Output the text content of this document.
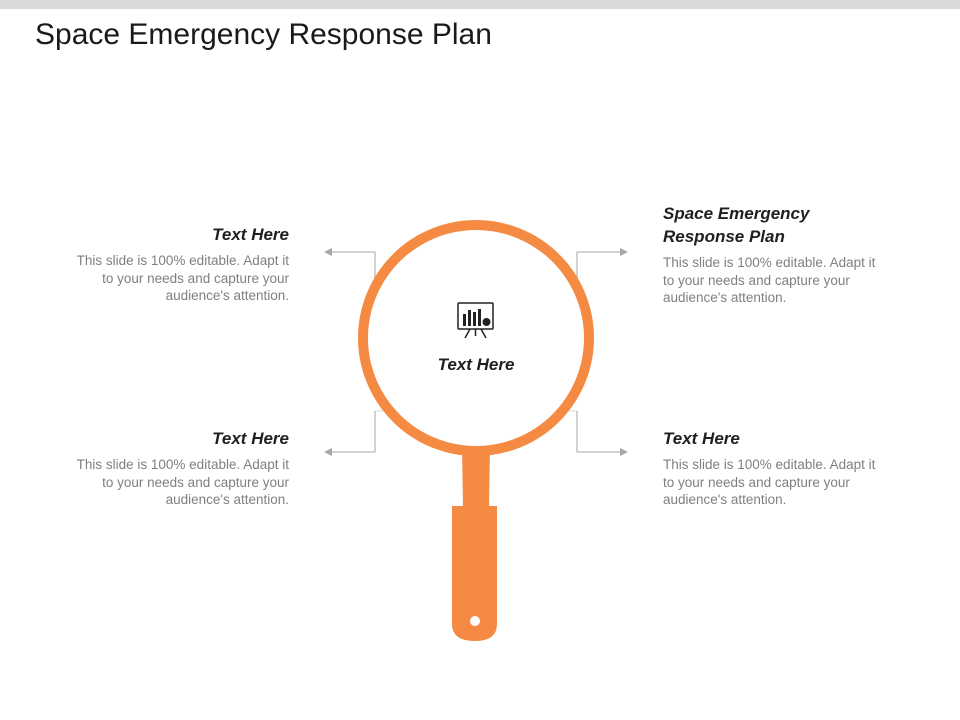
Space Emergency Response Plan
Text Here

Text Here

This slide is 100% editable. Adapt it to your needs and capture your audience's attention.

Space Emergency Response Plan

This slide is 100% editable. Adapt it to your needs and capture your audience's attention.

Text Here

This slide is 100% editable. Adapt it to your needs and capture your audience's attention.

Text Here

This slide is 100% editable. Adapt it to your needs and capture your audience's attention.
